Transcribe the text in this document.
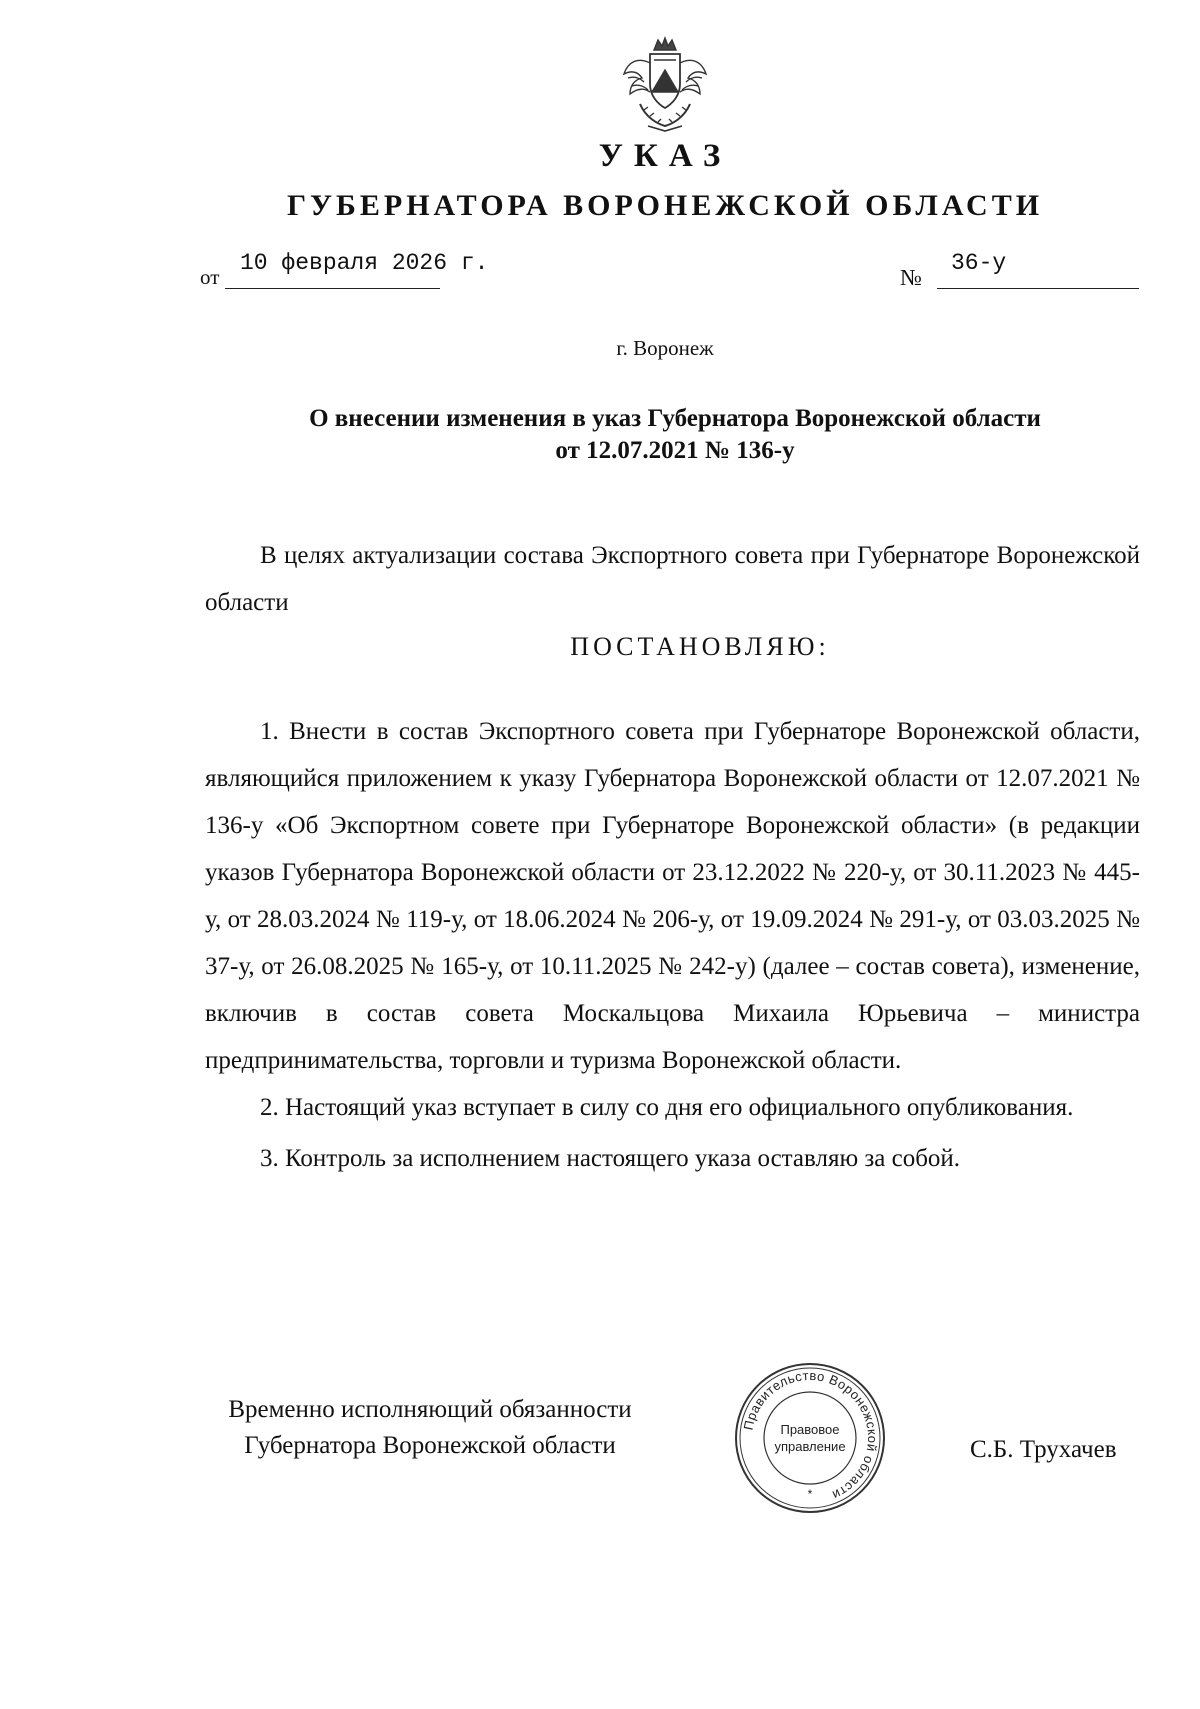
УКАЗ
ГУБЕРНАТОРА ВОРОНЕЖСКОЙ ОБЛАСТИ
от
10 февраля 2026 г.
№
36-у
г. Воронеж
О внесении изменения в указ Губернатора Воронежской области
от 12.07.2021 № 136-у

В целях актуализации состава Экспортного совета при Губернаторе Воронежской области

ПОСТАНОВЛЯЮ:

1. Внести в состав Экспортного совета при Губернаторе Воронежской области, являющийся приложением к указу Губернатора Воронежской области от 12.07.2021 № 136-у «Об Экспортном совете при Губернаторе Воронежской области» (в редакции указов Губернатора Воронежской области от 23.12.2022 № 220-у, от 30.11.2023 № 445-у, от 28.03.2024 № 119-у, от 18.06.2024 № 206-у, от 19.09.2024 № 291-у, от 03.03.2025 № 37-у, от 26.08.2025 № 165-у, от 10.11.2025 № 242-у) (далее – состав совета), изменение, включив в состав совета Москальцова Михаила Юрьевича – министра предпринимательства, торговли и туризма Воронежской области.

2. Настоящий указ вступает в силу со дня его официального опубликования.

3. Контроль за исполнением настоящего указа оставляю за собой.

Временно исполняющий обязанности
Губернатора Воронежской области
Правительство Воронежской области
Правовое
управление
*
С.Б. Трухачев
